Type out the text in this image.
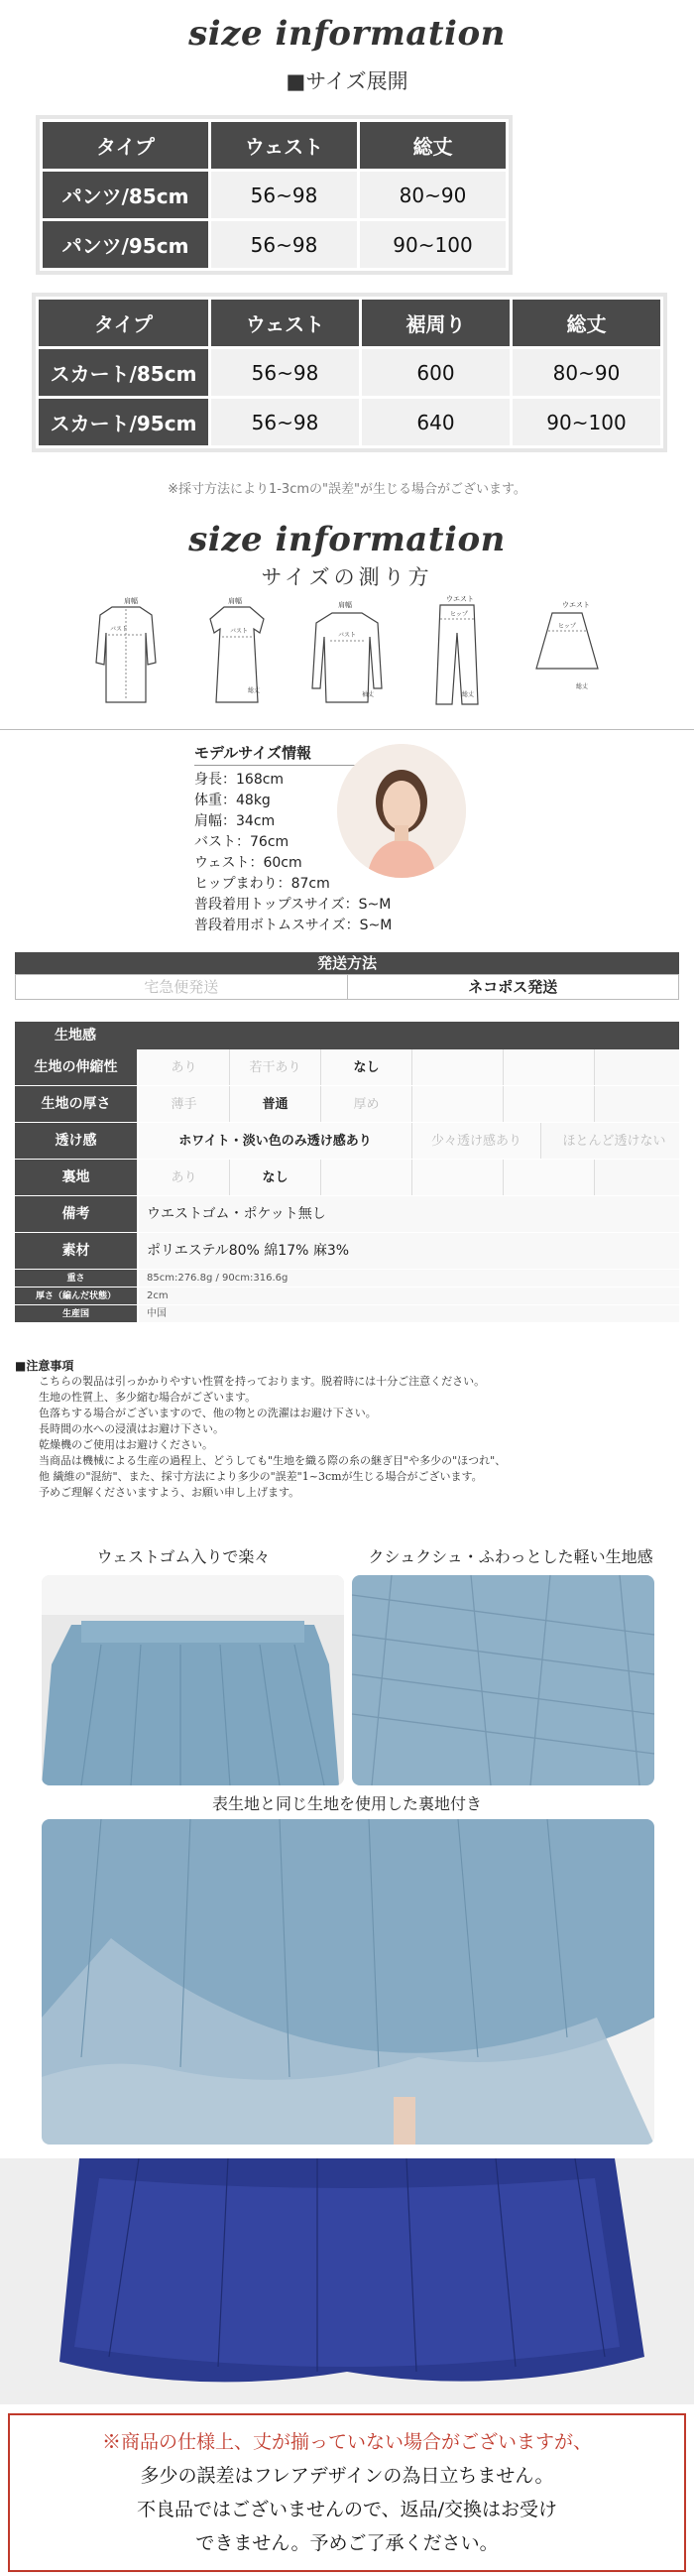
size information
■サイズ展開
タイプ	ウェスト	総丈
パンツ/85cm	56~98	80~90
パンツ/95cm	56~98	90~100
タイプ	ウェスト	裾周り	総丈
スカート/85cm	56~98	600	80~90
スカート/95cm	56~98	640	90~100
※採寸方法により1-3cmの"誤差"が生じる場合がございます。
size information
サイズの測り方
肩幅
バスト
肩幅
バスト
総丈
肩幅
バスト
袖丈
ウエスト
ヒップ
総丈
ウエスト
ヒップ
総丈
モデルサイズ情報
身長：168cm
体重：48kg
肩幅：34cm
バスト：76cm
ウェスト：60cm
ヒップまわり：87cm
普段着用トップスサイズ：S~M
普段着用ボトムスサイズ：S~M
発送方法
宅急便発送	ネコポス発送
生地感
生地の伸縮性	あり	若干あり	なし
生地の厚さ	薄手	普通	厚め
透け感	ホワイト・淡い色のみ透け感あり	少々透け感あり	ほとんど透けない
裏地	あり	なし
備考	ウエストゴム・ポケット無し
素材	ポリエステル80% 綿17% 麻3%
重さ	85cm:276.8g / 90cm:316.6g
厚さ（編んだ状態）	2cm
生産国	中国
■注意事項
こちらの製品は引っかかりやすい性質を持っております。脱着時には十分ご注意ください。
生地の性質上、多少縮む場合がございます。
色落ちする場合がございますので、他の物との洗濯はお避け下さい。
長時間の水への浸漬はお避け下さい。
乾燥機のご使用はお避けください。
当商品は機械による生産の過程上、どうしても"生地を織る際の糸の継ぎ目"や多少の"ほつれ"、
他 繊維の"混紡"、また、採寸方法により多少の"誤差"1~3cmが生じる場合がございます。
予めご理解くださいますよう、お願い申し上げます。
ウェストゴム入りで楽々	クシュクシュ・ふわっとした軽い生地感
表生地と同じ生地を使用した裏地付き
※商品の仕様上、丈が揃っていない場合がございますが、
多少の誤差はフレアデザインの為日立ちません。
不良品ではございませんので、返品/交換はお受け
できません。予めご了承ください。
